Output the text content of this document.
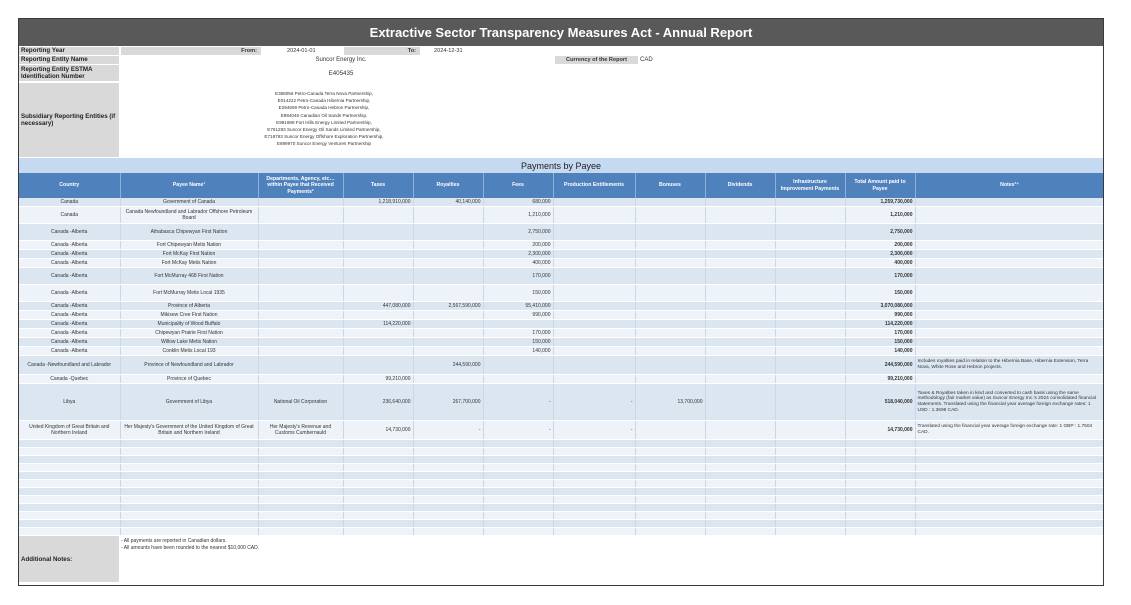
Extractive Sector Transparency Measures Act - Annual Report
Reporting Year	From:	2024-01-01	To:	2024-12-31
Reporting Entity Name	Suncor Energy Inc.	Currency of the Report	CAD
Reporting Entity ESTMA Identification Number	E405435
Subsidiary Reporting Entities (if necessary)
E368056 Petro-Canada Terra Nova Partnership,
E014222 Petro-Canada Hibernia Partnership,
E294659 Petro-Canada Hebron Partnership,
E984046 Canadian Oil Sands Partnership,
E991989 Fort Hills Energy Limited Partnership,
E761283 Suncor Energy Oil Sands Limited Partnership,
E718793 Suncor Energy Offshore Exploration Partnership,
E899970 Suncor Energy Ventures Partnership
Payments by Payee
Country	Payee Name¹	Departments, Agency, etc… within Payee that Received Payments²	Taxes	Royalties	Fees	Production Entitlements	Bonuses	Dividends	Infrastructure Improvement Payments	Total Amount paid to Payee	Notes³⁴
Canada	Government of Canada		1,218,910,000	40,140,000	680,000					1,259,730,000	
Canada	Canada Newfoundland and Labrador Offshore Petroleum Board				1,210,000					1,210,000	
Canada -Alberta	Athabasca Chipewyan First Nation				2,750,000					2,750,000	
Canada -Alberta	Fort Chipewyan Metis Nation				200,000					200,000	
Canada -Alberta	Fort McKay First Nation				2,300,000					2,300,000	
Canada -Alberta	Fort McKay Metis Nation				400,000					400,000	
Canada -Alberta	Fort McMurray 468 First Nation				170,000					170,000	
Canada -Alberta	Fort McMurray Metis Local 1935				150,000					150,000	
Canada -Alberta	Province of Alberta		447,080,000	2,567,590,000	55,410,000					3,070,080,000	
Canada -Alberta	Mikisew Cree First Nation				990,000					990,000	
Canada -Alberta	Municipality of Wood Buffalo		114,220,000							114,220,000	
Canada -Alberta	Chipewyan Prairie First Nation				170,000					170,000	
Canada -Alberta	Willow Lake Metis Nation				150,000					150,000	
Canada -Alberta	Conklin Metis Local 193				140,000					140,000	
Canada -Newfoundland and Labrador	Province of Newfoundland and Labrador			244,590,000						244,590,000	Includes royalties paid in relation to the Hibernia Base, Hibernia Extension, Terra Nova, White Rose and Hebron projects.
Canada -Quebec	Province of Quebec		99,210,000							99,210,000	
Libya	Government of Libya	National Oil Corporation	236,640,000	267,700,000	-	-	13,700,000			518,040,000	Taxes & Royalties taken in kind and converted to cash basis using the same methodology (fair market value) as Suncor Energy Inc.'s 2024 consolidated financial statements. Translated using the financial year average foreign exchange rates: 1 USD : 1.3698 CAD.
United Kingdom of Great Britain and Northern Ireland	Her Majesty's Government of the United Kingdom of Great Britain and Northern Ireland	Her Majesty's Revenue and Customs Cumbernauld	14,730,000	-	-	-				14,730,000	Translated using the financial year average foreign exchange rate: 1 GBP : 1.7504 CAD.

Additional Notes:
- All payments are reported in Canadian dollars.
- All amounts have been rounded to the nearest $10,000 CAD.
